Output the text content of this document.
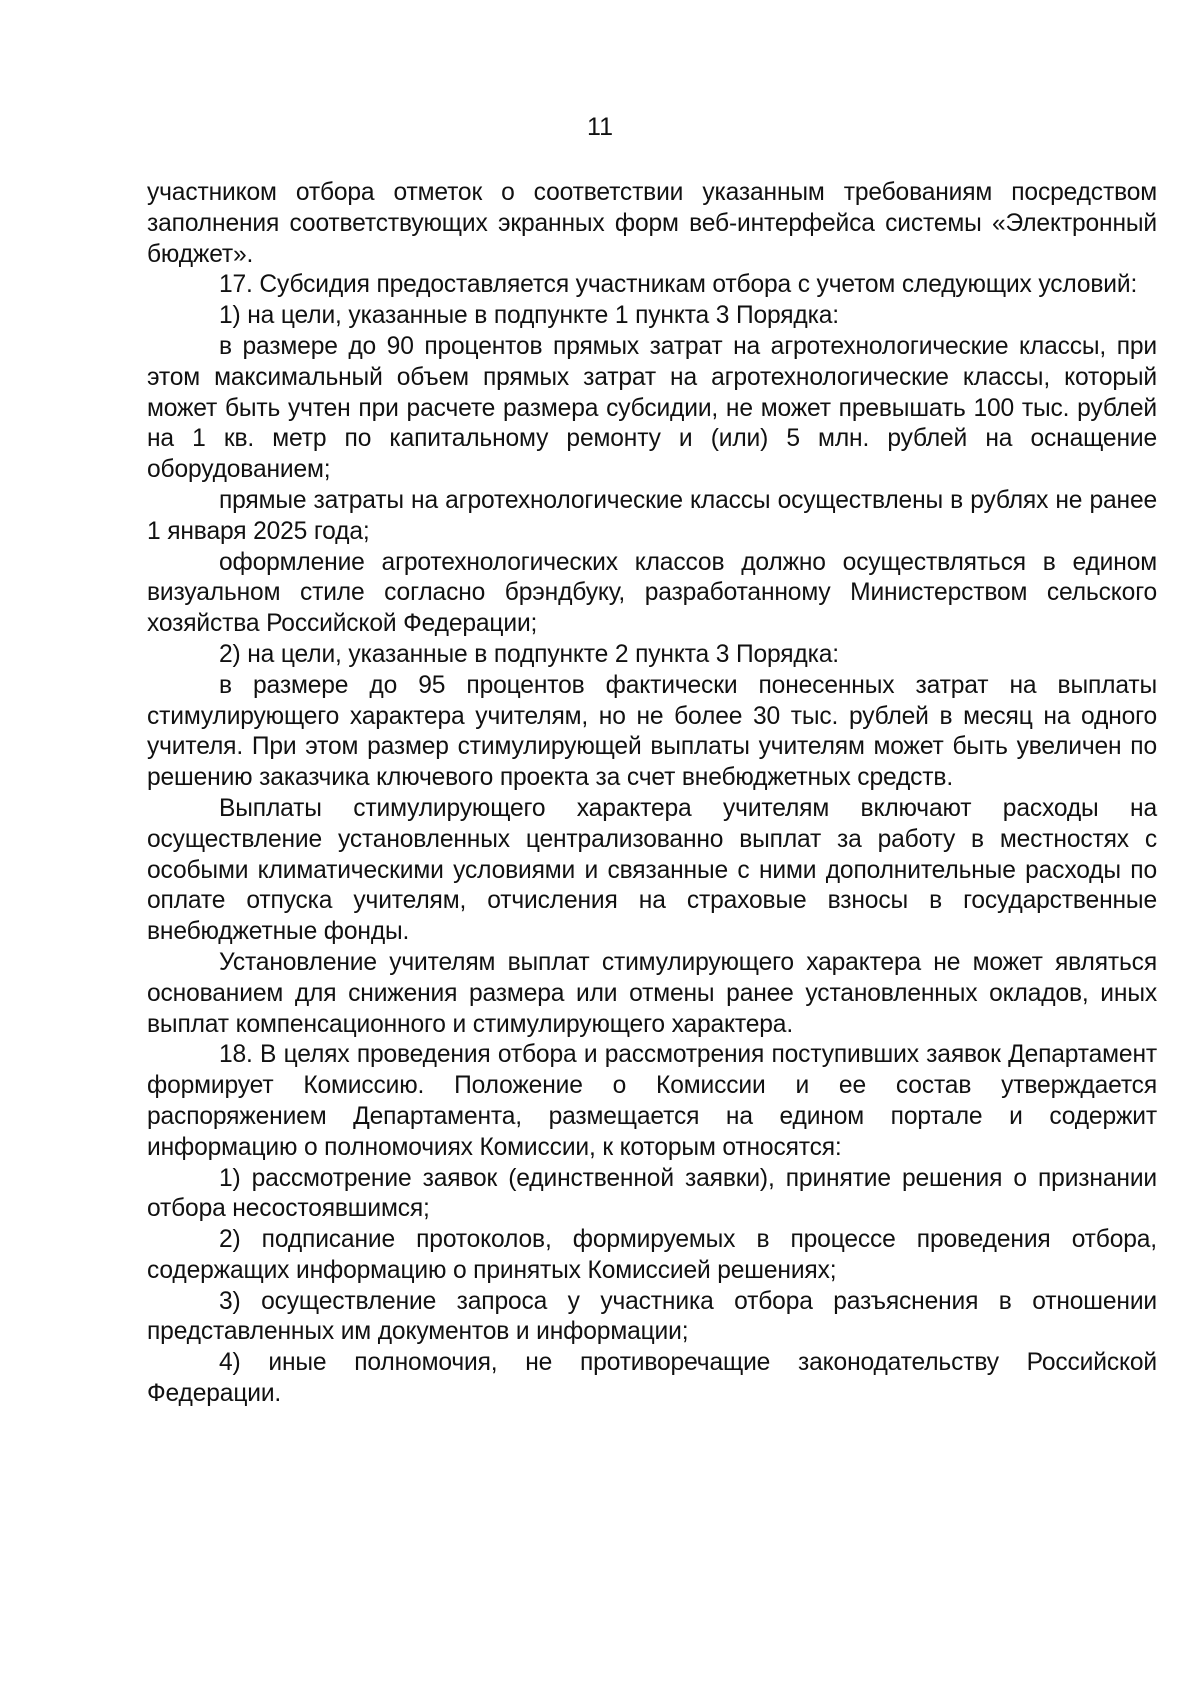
11

участником отбора отметок о соответствии указанным требованиям посредством заполнения соответствующих экранных форм веб-интерфейса системы «Электронный бюджет».

17. Субсидия предоставляется участникам отбора с учетом следующих условий:

1) на цели, указанные в подпункте 1 пункта 3 Порядка:

в размере до 90 процентов прямых затрат на агротехнологические классы, при этом максимальный объем прямых затрат на агротехнологические классы, который может быть учтен при расчете размера субсидии, не может превышать 100 тыс. рублей на 1 кв. метр по капитальному ремонту и (или) 5 млн. рублей на оснащение оборудованием;

прямые затраты на агротехнологические классы осуществлены в рублях не ранее 1 января 2025 года;

оформление агротехнологических классов должно осуществляться в едином визуальном стиле согласно брэндбуку, разработанному Министерством сельского хозяйства Российской Федерации;

2) на цели, указанные в подпункте 2 пункта 3 Порядка:

в размере до 95 процентов фактически понесенных затрат на выплаты стимулирующего характера учителям, но не более 30 тыс. рублей в месяц на одного учителя. При этом размер стимулирующей выплаты учителям может быть увеличен по решению заказчика ключевого проекта за счет внебюджетных средств.

Выплаты стимулирующего характера учителям включают расходы на осуществление установленных централизованно выплат за работу в местностях с особыми климатическими условиями и связанные с ними дополнительные расходы по оплате отпуска учителям, отчисления на страховые взносы в государственные внебюджетные фонды.

Установление учителям выплат стимулирующего характера не может являться основанием для снижения размера или отмены ранее установленных окладов, иных выплат компенсационного и стимулирующего характера.

18. В целях проведения отбора и рассмотрения поступивших заявок Департамент формирует Комиссию. Положение о Комиссии и ее состав утверждается распоряжением Департамента, размещается на едином портале и содержит информацию о полномочиях Комиссии, к которым относятся:

1) рассмотрение заявок (единственной заявки), принятие решения о признании отбора несостоявшимся;

2) подписание протоколов, формируемых в процессе проведения отбора, содержащих информацию о принятых Комиссией решениях;

3) осуществление запроса у участника отбора разъяснения в отношении представленных им документов и информации;

4) иные полномочия, не противоречащие законодательству Российской Федерации.
